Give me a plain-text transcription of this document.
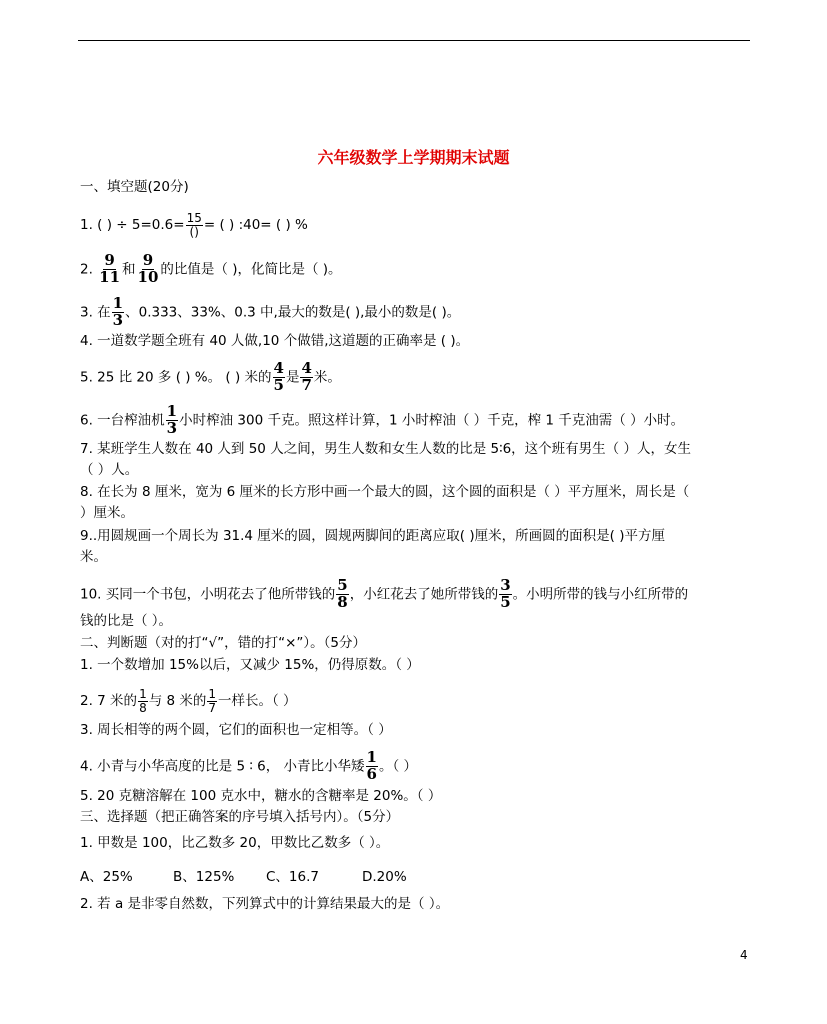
六年级数学上学期期末试题
一、填空题(20分)
1. ( ) ÷ $5=0.6= \frac{15}{()}$ = ( ) :40= ( ) %
2. $\frac{9}{11}$ 和 $\frac{9}{10}$ 的比值是（ )，化简比是（ )。
3. 在 $\frac{1}{3}$ 、0.333、33%、0.3 中,最大的数是( ),最小的数是( )。
4. 一道数学题全班有 40 人做,10 个做错,这道题的正确率是 ( )。
5. 25 比 20 多 ( ) %。 ( ) 米的 $\frac{4}{5}$ 是 $\frac{4}{7}$ 米。
6. 一台榨油机 $\frac{1}{3}$ 小时榨油 300 千克。照这样计算，1 小时榨油（ ）千克，榨 1 千克油需（ ）小时。
7. 某班学生人数在 40 人到 50 人之间，男生人数和女生人数的比是 5∶6，这个班有男生（ ）人，女生
（ ）人。
8. 在长为 8 厘米，宽为 6 厘米的长方形中画一个最大的圆，这个圆的面积是（ ）平方厘米，周长是（
）厘米。
9..用圆规画一个周长为 31.4 厘米的圆，圆规两脚间的距离应取( )厘米，所画圆的面积是( )平方厘
米。
10. 买同一个书包，小明花去了他所带钱的 $\frac{5}{8}$ ，小红花去了她所带钱的 $\frac{3}{5}$ 。小明所带的钱与小红所带的
钱的比是（ ）。
二、判断题（对的打“√”，错的打“×”）。（5分）
1. 一个数增加 15%以后，又减少 15%，仍得原数。（ ）
2. 7 米的 $\frac{1}{8}$ 与 8 米的 $\frac{1}{7}$ 一样长。（ ）
3. 周长相等的两个圆，它们的面积也一定相等。（ ）
4. 小青与小华高度的比是 5 ∶ 6， 小青比小华矮 $\frac{1}{6}$ 。（ ）
5. 20 克糖溶解在 100 克水中，糖水的含糖率是 20%。（ ）
三、选择题（把正确答案的序号填入括号内）。（5分）
1. 甲数是 100，比乙数多 20，甲数比乙数多（ ）。
A、25%	B、125% C、16.7	D.20%
2. 若 a 是非零自然数，下列算式中的计算结果最大的是（ ）。
4
